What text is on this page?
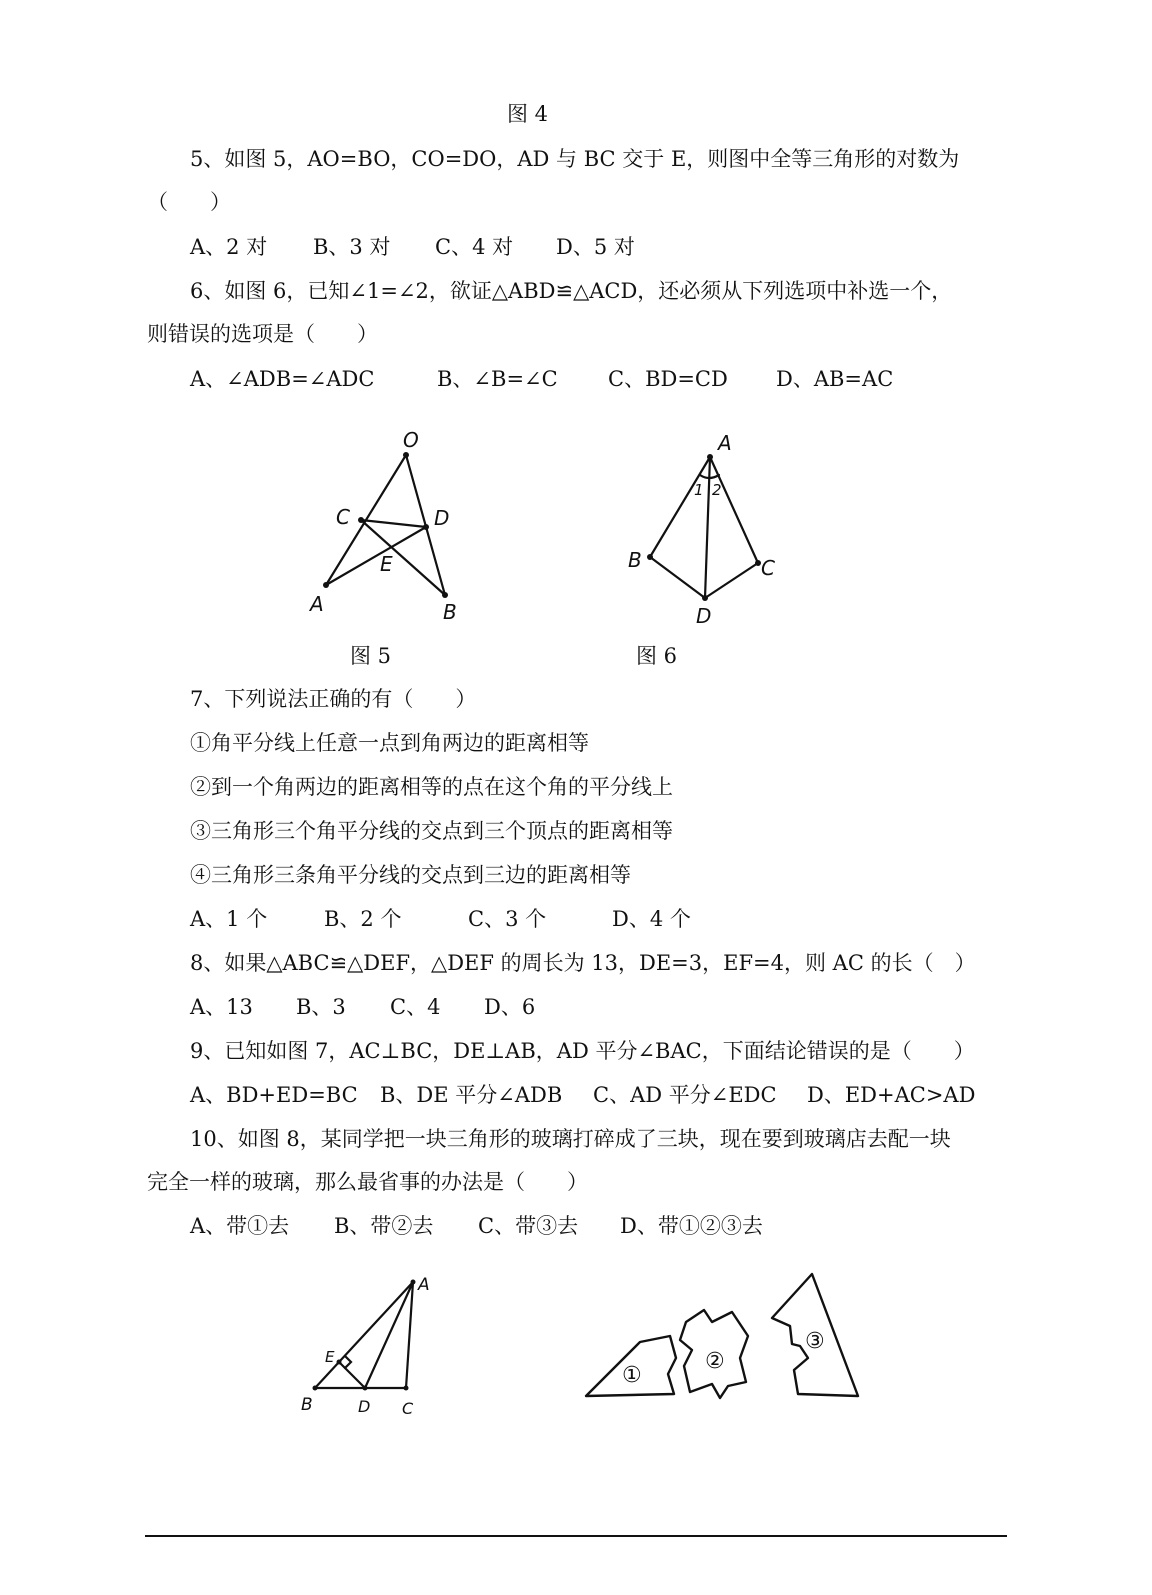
图 4
5、如图 5，AO=BO，CO=DO，AD 与 BC 交于 E，则图中全等三角形的对数为
（　　）
A、2 对 B、3 对 C、4 对 D、5 对
6、如图 6，已知∠1=∠2，欲证△ABD≌△ACD，还必须从下列选项中补选一个，
则错误的选项是（　　）
A、∠ADB=∠ADC	B、∠B=∠C C、BD=CD D、AB=AC
O
C	D
E
A	B
图 5
A
B	C
D
1 2
图 6
7、下列说法正确的有（　　）
①角平分线上任意一点到角两边的距离相等
②到一个角两边的距离相等的点在这个角的平分线上
③三角形三个角平分线的交点到三个顶点的距离相等
④三角形三条角平分线的交点到三边的距离相等
A、1 个	B、2 个	C、3 个	D、4 个
8、如果△ABC≌△DEF，△DEF 的周长为 13，DE=3，EF=4，则 AC 的长（　）
A、13 B、3 C、4 D、6
9、已知如图 7，AC⊥BC，DE⊥AB，AD 平分∠BAC，下面结论错误的是（　　）
A、BD+ED=BC B、DE 平分∠ADB C、AD 平分∠EDC D、ED+AC>AD
10、如图 8，某同学把一块三角形的玻璃打碎成了三块，现在要到玻璃店去配一块
完全一样的玻璃，那么最省事的办法是（　　）
A、带①去 B、带②去 C、带③去 D、带①②③去
A
E
B	D C
①
②
③
